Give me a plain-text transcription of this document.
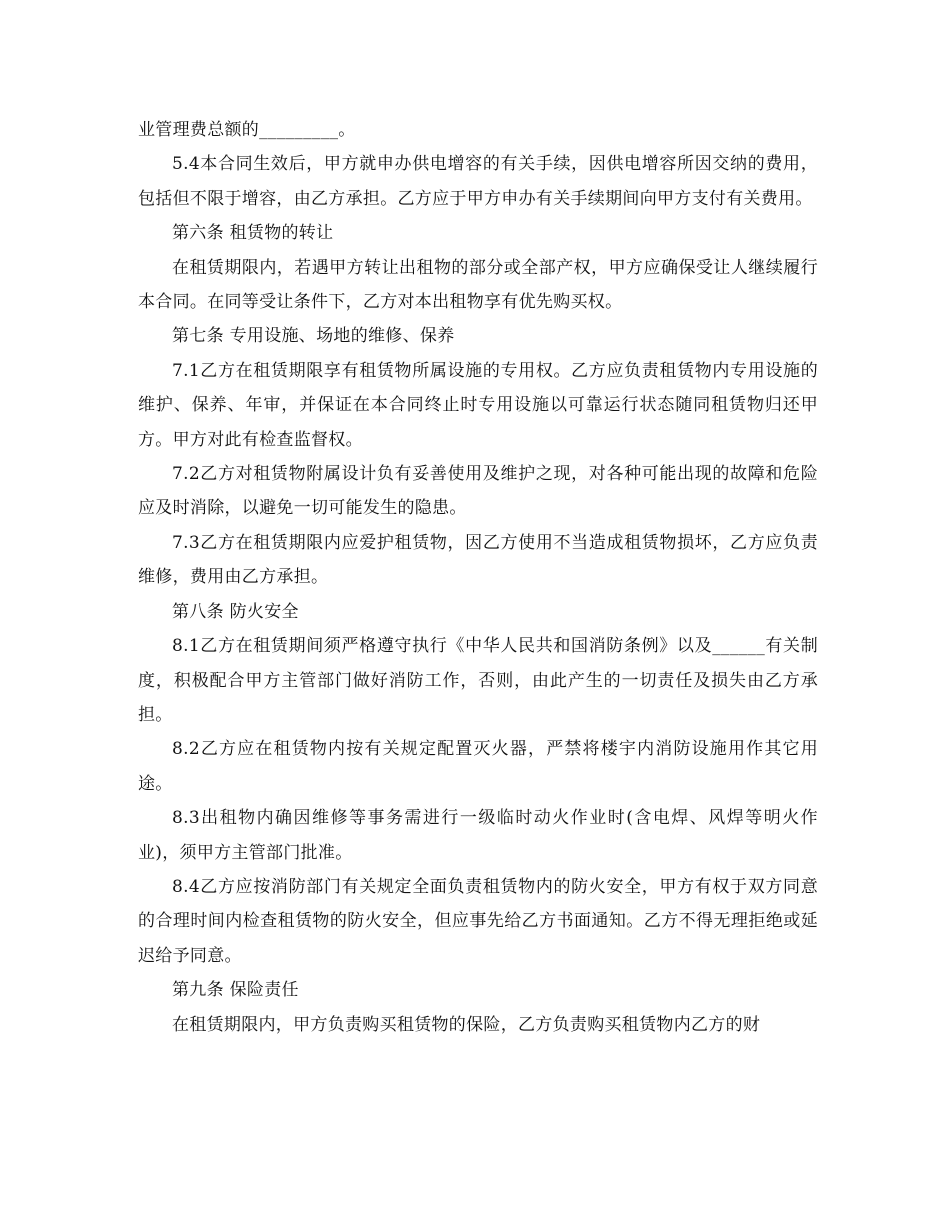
业管理费总额的_________。

5.4本合同生效后，甲方就申办供电增容的有关手续，因供电增容所因交纳的费用，包括但不限于增容，由乙方承担。乙方应于甲方申办有关手续期间向甲方支付有关费用。

第六条 租赁物的转让

在租赁期限内，若遇甲方转让出租物的部分或全部产权，甲方应确保受让人继续履行本合同。在同等受让条件下，乙方对本出租物享有优先购买权。

第七条 专用设施、场地的维修、保养

7.1乙方在租赁期限享有租赁物所属设施的专用权。乙方应负责租赁物内专用设施的维护、保养、年审，并保证在本合同终止时专用设施以可靠运行状态随同租赁物归还甲方。甲方对此有检查监督权。

7.2乙方对租赁物附属设计负有妥善使用及维护之现，对各种可能出现的故障和危险应及时消除，以避免一切可能发生的隐患。

7.3乙方在租赁期限内应爱护租赁物，因乙方使用不当造成租赁物损坏，乙方应负责维修，费用由乙方承担。

第八条 防火安全

8.1乙方在租赁期间须严格遵守执行《中华人民共和国消防条例》以及______有关制度，积极配合甲方主管部门做好消防工作，否则，由此产生的一切责任及损失由乙方承担。

8.2乙方应在租赁物内按有关规定配置灭火器，严禁将楼宇内消防设施用作其它用途。

8.3出租物内确因维修等事务需进行一级临时动火作业时(含电焊、风焊等明火作业)，须甲方主管部门批准。

8.4乙方应按消防部门有关规定全面负责租赁物内的防火安全，甲方有权于双方同意的合理时间内检查租赁物的防火安全，但应事先给乙方书面通知。乙方不得无理拒绝或延迟给予同意。

第九条 保险责任

在租赁期限内，甲方负责购买租赁物的保险，乙方负责购买租赁物内乙方的财
